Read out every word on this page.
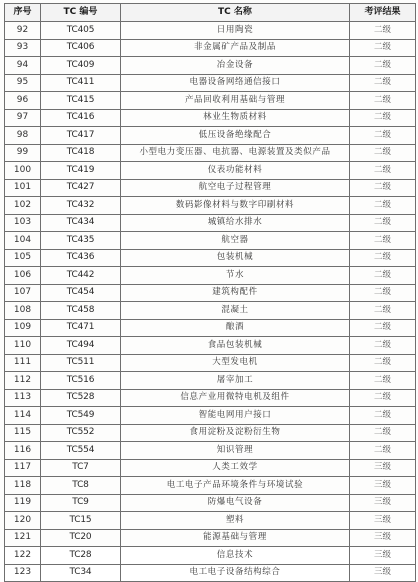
序号	TC 编号	TC 名称	考评结果
92	TC405	日用陶瓷	二级
93	TC406	非金属矿产品及制品	二级
94	TC409	冶金设备	二级
95	TC411	电器设备网络通信接口	二级
96	TC415	产品回收利用基础与管理	二级
97	TC416	林业生物质材料	二级
98	TC417	低压设备绝缘配合	二级
99	TC418	小型电力变压器、电抗器、电源装置及类似产品	二级
100	TC419	仪表功能材料	二级
101	TC427	航空电子过程管理	二级
102	TC432	数码影像材料与数字印刷材料	二级
103	TC434	城镇给水排水	二级
104	TC435	航空器	二级
105	TC436	包装机械	二级
106	TC442	节水	二级
107	TC454	建筑构配件	二级
108	TC458	混凝土	二级
109	TC471	酿酒	二级
110	TC494	食品包装机械	二级
111	TC511	大型发电机	二级
112	TC516	屠宰加工	二级
113	TC528	信息产业用微特电机及组件	二级
114	TC549	智能电网用户接口	二级
115	TC552	食用淀粉及淀粉衍生物	二级
116	TC554	知识管理	二级
117	TC7	人类工效学	三级
118	TC8	电工电子产品环境条件与环境试验	三级
119	TC9	防爆电气设备	三级
120	TC15	塑料	三级
121	TC20	能源基础与管理	三级
122	TC28	信息技术	三级
123	TC34	电工电子设备结构综合	三级
